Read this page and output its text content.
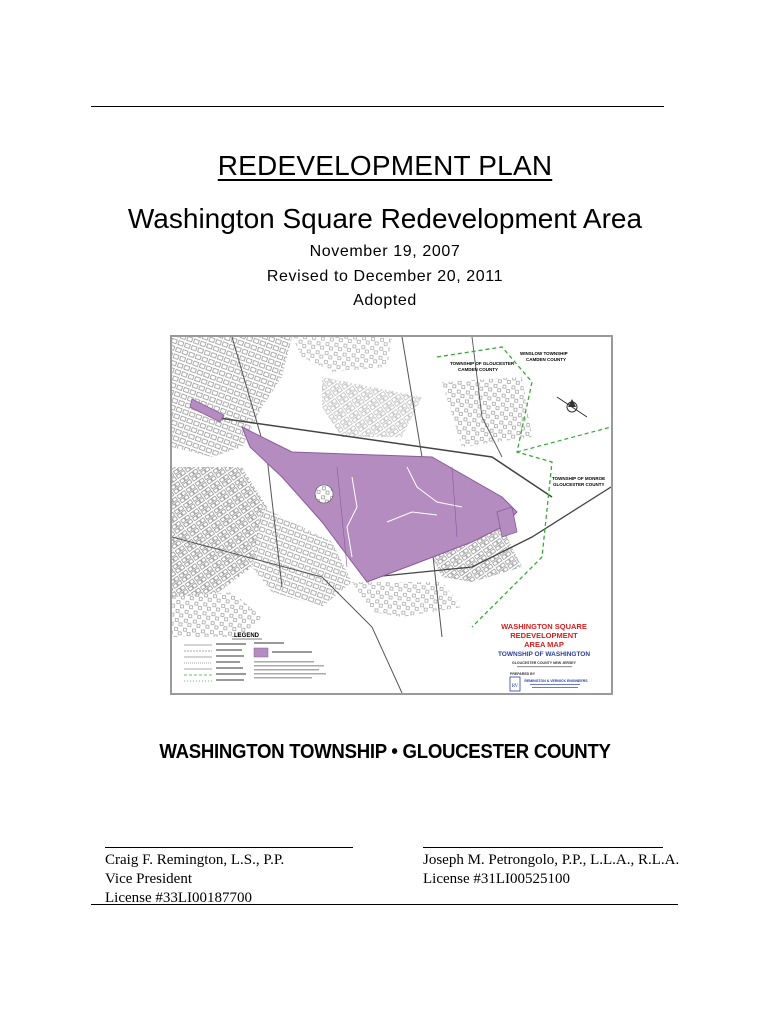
REDEVELOPMENT PLAN
Washington Square Redevelopment Area
November 19, 2007
Revised to December 20, 2011
Adopted
TOWNSHIP OF GLOUCESTER
CAMDEN COUNTY
WINSLOW TOWNSHIP
CAMDEN COUNTY
TOWNSHIP OF MONROE
GLOUCESTER COUNTY
LEGEND
WASHINGTON SQUARE
REDEVELOPMENT
AREA MAP
TOWNSHIP OF WASHINGTON
GLOUCESTER COUNTY NEW JERSEY
PREPARED BY
RV
REMINGTON & VERNICK ENGINEERS
WASHINGTON TOWNSHIP • GLOUCESTER COUNTY
Craig F. Remington, L.S., P.P.
Vice President
License #33LI00187700
Joseph M. Petrongolo, P.P., L.L.A., R.L.A.
License #31LI00525100
